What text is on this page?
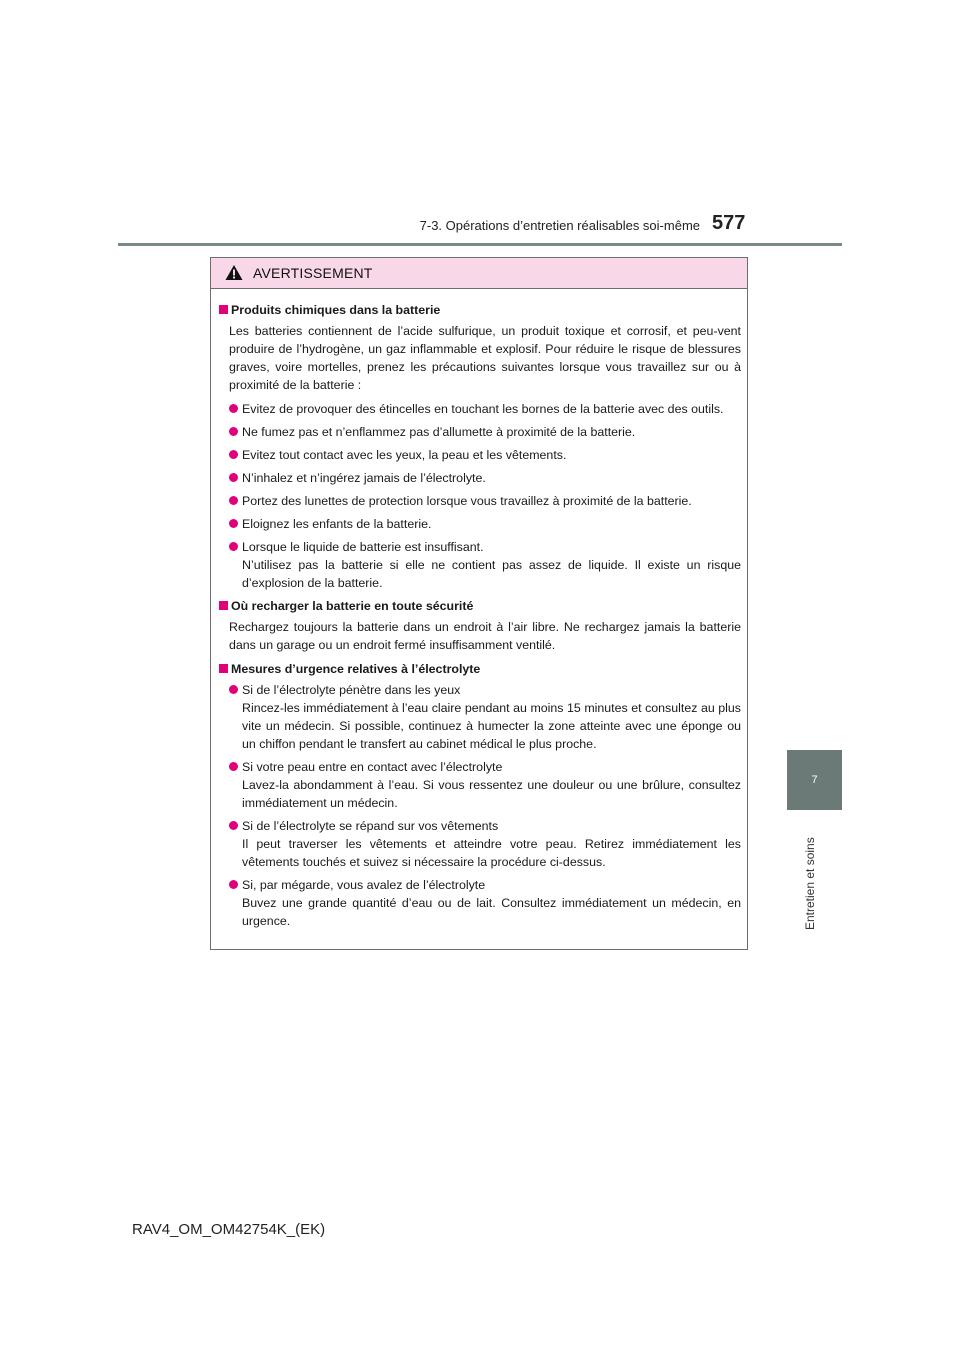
7-3. Opérations d’entretien réalisables soi-même 577
7
Entretien et soins
AVERTISSEMENT
Produits chimiques dans la batterie
Les batteries contiennent de l’acide sulfurique, un produit toxique et corrosif, et peu-vent produire de l’hydrogène, un gaz inflammable et explosif. Pour réduire le risque de blessures graves, voire mortelles, prenez les précautions suivantes lorsque vous travaillez sur ou à proximité de la batterie :
Evitez de provoquer des étincelles en touchant les bornes de la batterie avec des outils.
Ne fumez pas et n’enflammez pas d’allumette à proximité de la batterie.
Evitez tout contact avec les yeux, la peau et les vêtements.
N’inhalez et n’ingérez jamais de l’électrolyte.
Portez des lunettes de protection lorsque vous travaillez à proximité de la batterie.
Eloignez les enfants de la batterie.
Lorsque le liquide de batterie est insuffisant.
N’utilisez pas la batterie si elle ne contient pas assez de liquide. Il existe un risque d’explosion de la batterie.
Où recharger la batterie en toute sécurité
Rechargez toujours la batterie dans un endroit à l’air libre. Ne rechargez jamais la batterie dans un garage ou un endroit fermé insuffisamment ventilé.
Mesures d’urgence relatives à l’électrolyte
Si de l’électrolyte pénètre dans les yeux
Rincez-les immédiatement à l’eau claire pendant au moins 15 minutes et consultez au plus vite un médecin. Si possible, continuez à humecter la zone atteinte avec une éponge ou un chiffon pendant le transfert au cabinet médical le plus proche.
Si votre peau entre en contact avec l’électrolyte
Lavez-la abondamment à l’eau. Si vous ressentez une douleur ou une brûlure, consultez immédiatement un médecin.
Si de l’électrolyte se répand sur vos vêtements
Il peut traverser les vêtements et atteindre votre peau. Retirez immédiatement les vêtements touchés et suivez si nécessaire la procédure ci-dessus.
Si, par mégarde, vous avalez de l’électrolyte
Buvez une grande quantité d’eau ou de lait. Consultez immédiatement un médecin, en urgence.
RAV4_OM_OM42754K_(EK)
